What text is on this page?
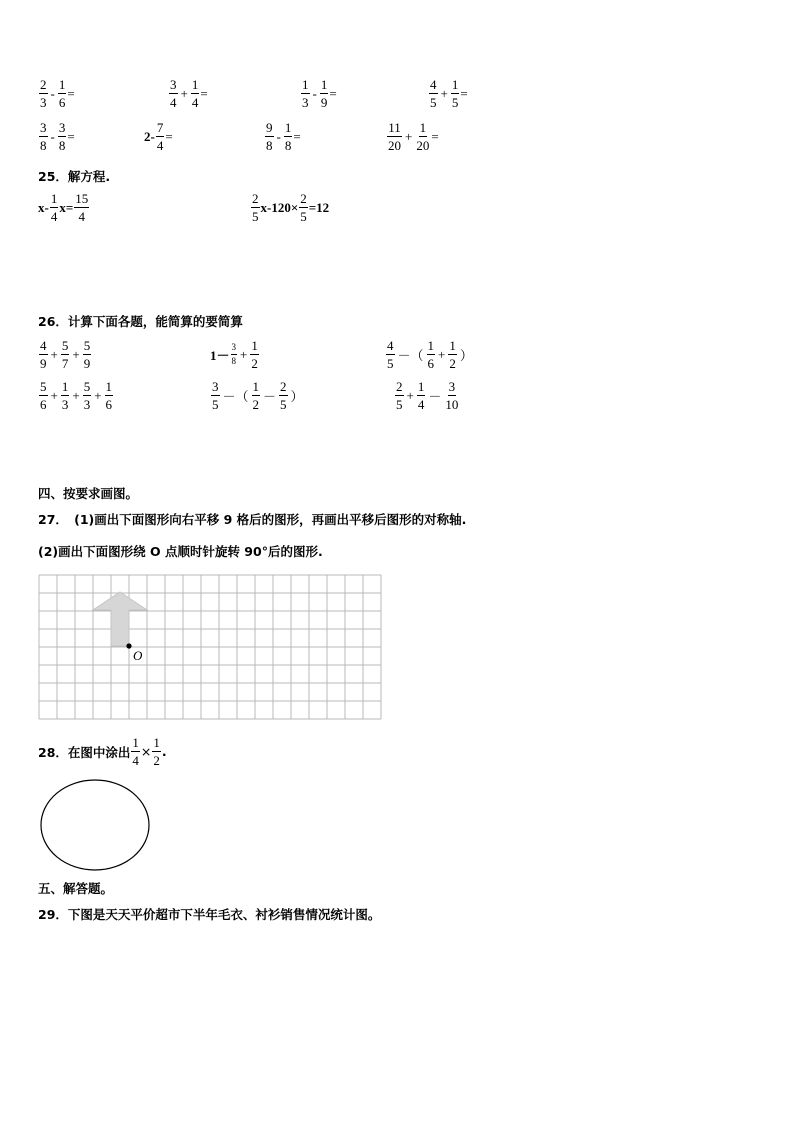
$\frac{2}{3} - \frac{1}{6}$ =	$\frac{3}{4} + \frac{1}{4}$ =	$\frac{1}{3} - \frac{1}{9}$ =	$\frac{4}{5} + \frac{1}{5}$ =
$\frac{3}{8} - \frac{3}{8}$ =	$2- \frac{7}{4}$ =	$\frac{9}{8} - \frac{1}{8}$ =	$\frac{11}{20} + \frac{1}{20}$ =
25．解方程.
$x- \frac{1}{4} x= \frac{15}{4}$	$\frac{2}{5} x-120\times \frac{2}{5} =12$
26．计算下面各题，能简算的要简算
$\frac{4}{9} + \frac{5}{7} + \frac{5}{9}$	$1- \frac{3}{8} + \frac{1}{2}$	$\frac{4}{5}$ －（ $\frac{1}{6} + \frac{1}{2}$ ）
$\frac{5}{6} + \frac{1}{3} + \frac{5}{3} + \frac{1}{6}$	$\frac{3}{5}$ －（ $\frac{1}{2} - \frac{2}{5}$ ）	$\frac{2}{5} + \frac{1}{4} - \frac{3}{10}$
四、按要求画图。
27．　(1)画出下面图形向右平移 9 格后的图形，再画出平移后图形的对称轴.
(2)画出下面图形绕 O 点顺时针旋转 90°后的图形.
O
28．在图中涂出 $\frac{1}{4} \times \frac{1}{2}$ .
五、解答题。
29．下图是天天平价超市下半年毛衣、衬衫销售情况统计图。
